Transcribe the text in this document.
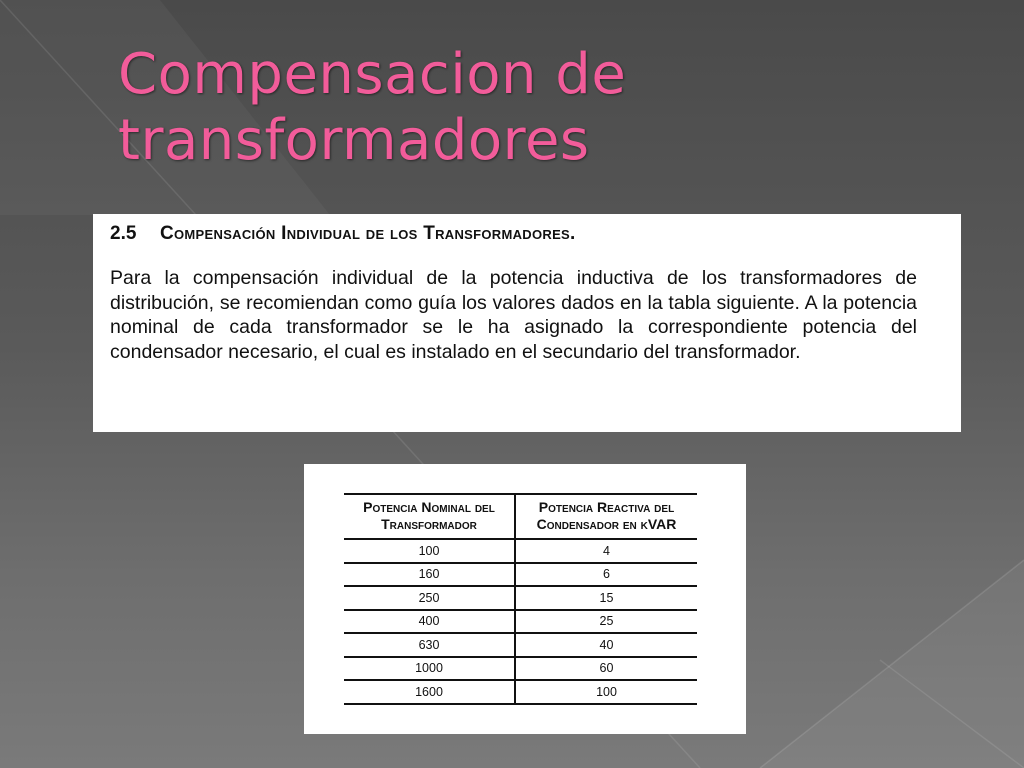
Compensacion de transformadores
2.5	Compensación Individual de los Transformadores.
Para la compensación individual de la potencia inductiva de los transformadores de distribución, se recomiendan como guía los valores dados en la tabla siguiente. A la potencia nominal de cada transformador se le ha asignado la correspondiente potencia del condensador necesario, el cual es instalado en el secundario del transformador.
Potencia Nominal del Transformador	Potencia Reactiva del Condensador en kVAR
100	4
160	6
250	15
400	25
630	40
1000	60
1600	100
